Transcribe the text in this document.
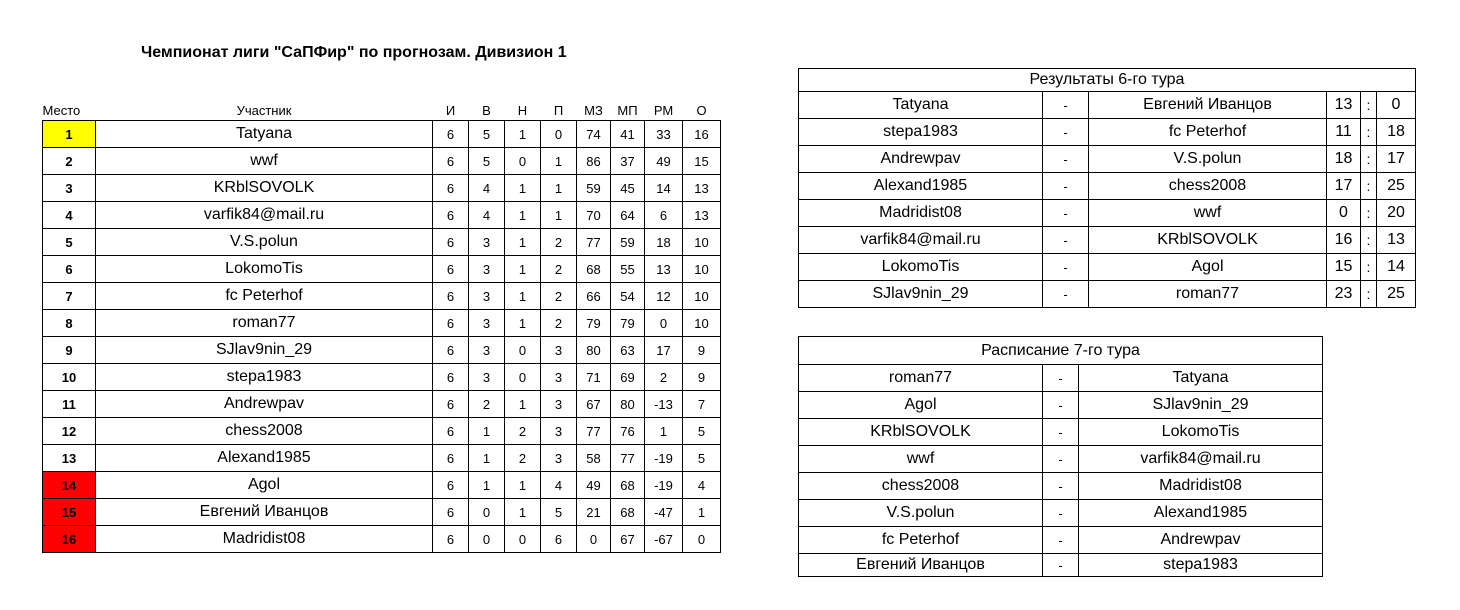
Чемпионат лиги "СаПФир" по прогнозам. Дивизион 1
Место	Участник	И	В	Н	П	МЗ	МП	РМ	О
1	Tatyana	6	5	1	0	74	41	33	16
2	wwf	6	5	0	1	86	37	49	15
3	KRblSOVOLK	6	4	1	1	59	45	14	13
4	varfik84@mail.ru	6	4	1	1	70	64	6	13
5	V.S.polun	6	3	1	2	77	59	18	10
6	LokomoTis	6	3	1	2	68	55	13	10
7	fc Peterhof	6	3	1	2	66	54	12	10
8	roman77	6	3	1	2	79	79	0	10
9	SJlav9nin_29	6	3	0	3	80	63	17	9
10	stepa1983	6	3	0	3	71	69	2	9
11	Andrewpav	6	2	1	3	67	80	-13	7
12	chess2008	6	1	2	3	77	76	1	5
13	Alexand1985	6	1	2	3	58	77	-19	5
14	Agol	6	1	1	4	49	68	-19	4
15	Евгений Иванцов	6	0	1	5	21	68	-47	1
16	Madridist08	6	0	0	6	0	67	-67	0
Результаты 6-го тура					
Tatyana	-	Евгений Иванцов	13	:	0
stepa1983	-	fc Peterhof	11	:	18
Andrewpav	-	V.S.polun	18	:	17
Alexand1985	-	chess2008	17	:	25
Madridist08	-	wwf	0	:	20
varfik84@mail.ru	-	KRblSOVOLK	16	:	13
LokomoTis	-	Agol	15	:	14
SJlav9nin_29	-	roman77	23	:	25
Расписание 7-го тура		
roman77	-	Tatyana
Agol	-	SJlav9nin_29
KRblSOVOLK	-	LokomoTis
wwf	-	varfik84@mail.ru
chess2008	-	Madridist08
V.S.polun	-	Alexand1985
fc Peterhof	-	Andrewpav
Евгений Иванцов	-	stepa1983
